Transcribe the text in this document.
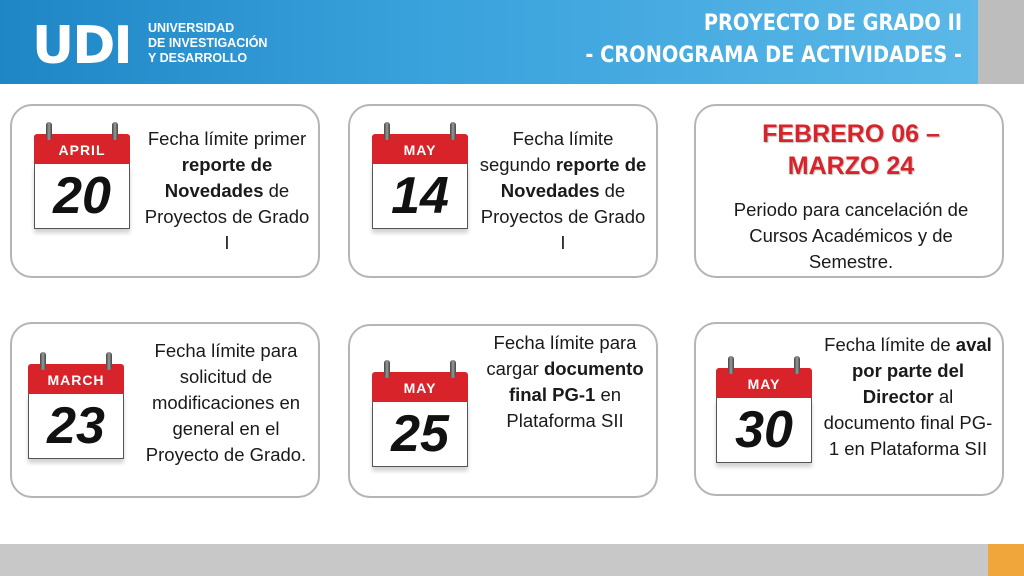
UDI UNIVERSIDAD
DE INVESTIGACIÓN
Y DESARROLLO
PROYECTO DE GRADO II
- CRONOGRAMA DE ACTIVIDADES -
APRIL
20
Fecha límite primer reporte de Novedades de Proyectos de Grado I
MAY
14
Fecha límite segundo reporte de Novedades de Proyectos de Grado I
FEBRERO 06 – MARZO 24
Periodo para cancelación de Cursos Académicos y de Semestre.
MARCH
23
Fecha límite para solicitud de modificaciones en general en el Proyecto de Grado.
MAY
25
Fecha límite para cargar documento final PG-1 en Plataforma SII
MAY
30
Fecha límite de aval por parte del Director al documento final PG-1 en Plataforma SII
